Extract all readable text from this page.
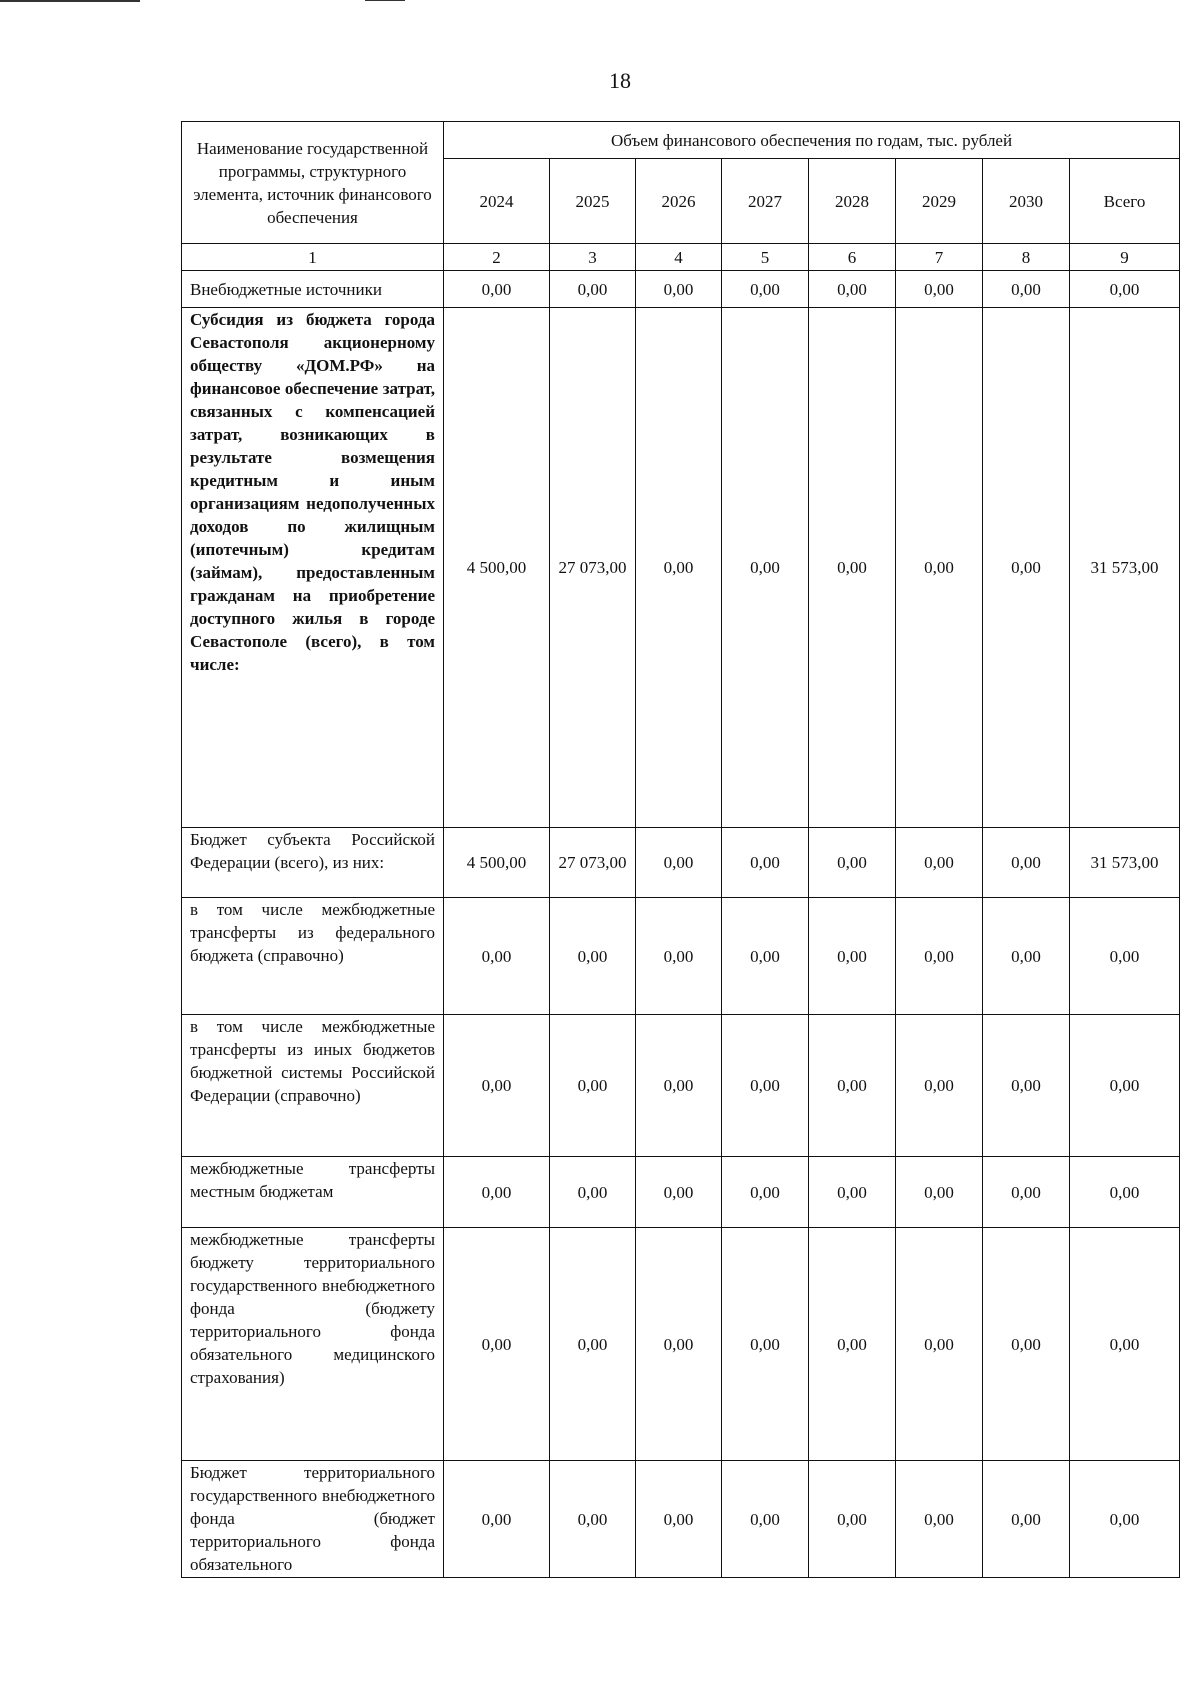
18
Наименование государственной программы, структурного элемента, источник финансового обеспечения	Объем финансового обеспечения по годам, тыс. рублей							
	2024	2025	2026	2027	2028	2029	2030	Всего
1	2	3	4	5	6	7	8	9
Внебюджетные источники	0,00	0,00	0,00	0,00	0,00	0,00	0,00	0,00
Субсидия из бюджета города Севастополя акционерному обществу «ДОМ.РФ» на финансовое обеспечение затрат, связанных с компенсацией затрат, возникающих в результате возмещения кредитным и иным организациям недополученных доходов по жилищным (ипотечным) кредитам (займам), предоставленным гражданам на приобретение доступного жилья в городе Севастополе (всего), в том числе:	4 500,00	27 073,00	0,00	0,00	0,00	0,00	0,00	31 573,00
Бюджет субъекта Российской Федерации (всего), из них:	4 500,00	27 073,00	0,00	0,00	0,00	0,00	0,00	31 573,00
в том числе межбюджетные трансферты из федерального бюджета (справочно)	0,00	0,00	0,00	0,00	0,00	0,00	0,00	0,00
в том числе межбюджетные трансферты из иных бюджетов бюджетной системы Российской Федерации (справочно)	0,00	0,00	0,00	0,00	0,00	0,00	0,00	0,00
межбюджетные трансферты местным бюджетам	0,00	0,00	0,00	0,00	0,00	0,00	0,00	0,00
межбюджетные трансферты бюджету территориального государственного внебюджетного фонда (бюджету территориального фонда обязательного медицинского страхования)	0,00	0,00	0,00	0,00	0,00	0,00	0,00	0,00
Бюджет территориального государственного внебюджетного фонда (бюджет территориального фонда обязательного	0,00	0,00	0,00	0,00	0,00	0,00	0,00	0,00
